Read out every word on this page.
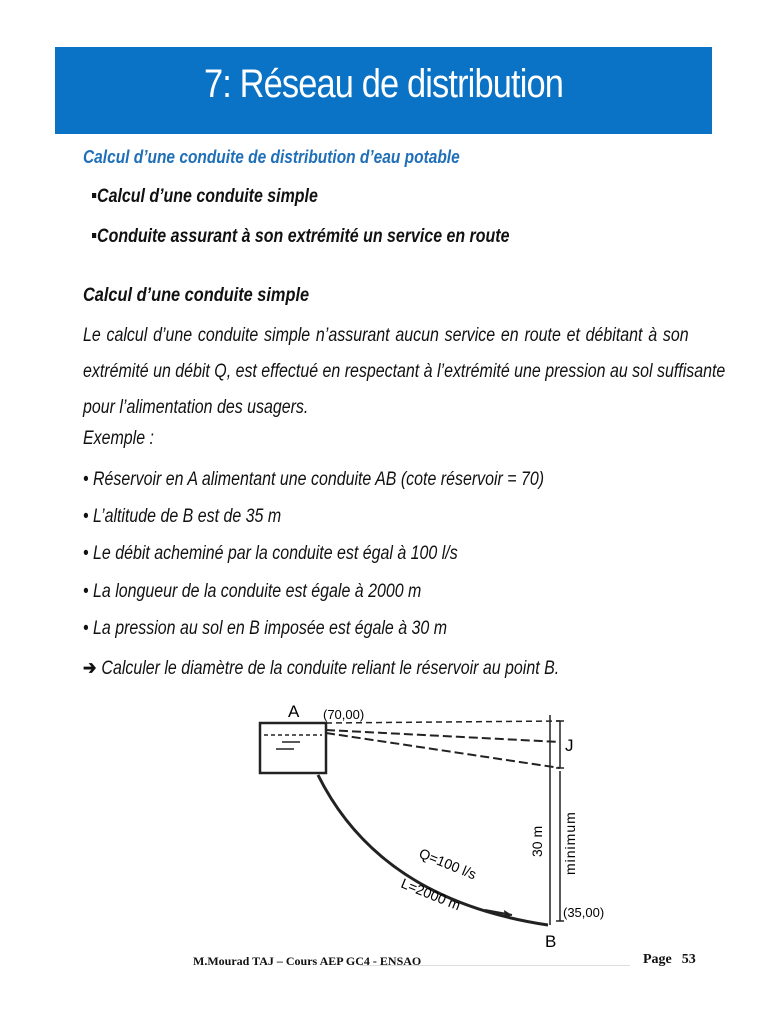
7: Réseau de distribution
Calcul d’une conduite de distribution d’eau potable
Calcul d’une conduite simple
Conduite assurant à son extrémité un service en route
Calcul d’une conduite simple
Le calcul d’une conduite simple n’assurant aucun service en route et débitant à son
extrémité un débit Q, est effectué en respectant à l’extrémité une pression au sol suffisante
pour l’alimentation des usagers.
Exemple :
• Réservoir en A alimentant une conduite AB (cote réservoir = 70)
• L’altitude de B est de 35 m
• Le débit acheminé par la conduite est égal à 100 l/s
• La longueur de la conduite est égale à 2000 m
• La pression au sol en B imposée est égale à 30 m
➔ Calculer le diamètre de la conduite reliant le réservoir au point B.
A (70,00)
J
30 m minimum
Q=100 l/s
L=2000 m	(35,00)
B
M.Mourad TAJ – Cours AEP GC4 - ENSAO	Page 53
